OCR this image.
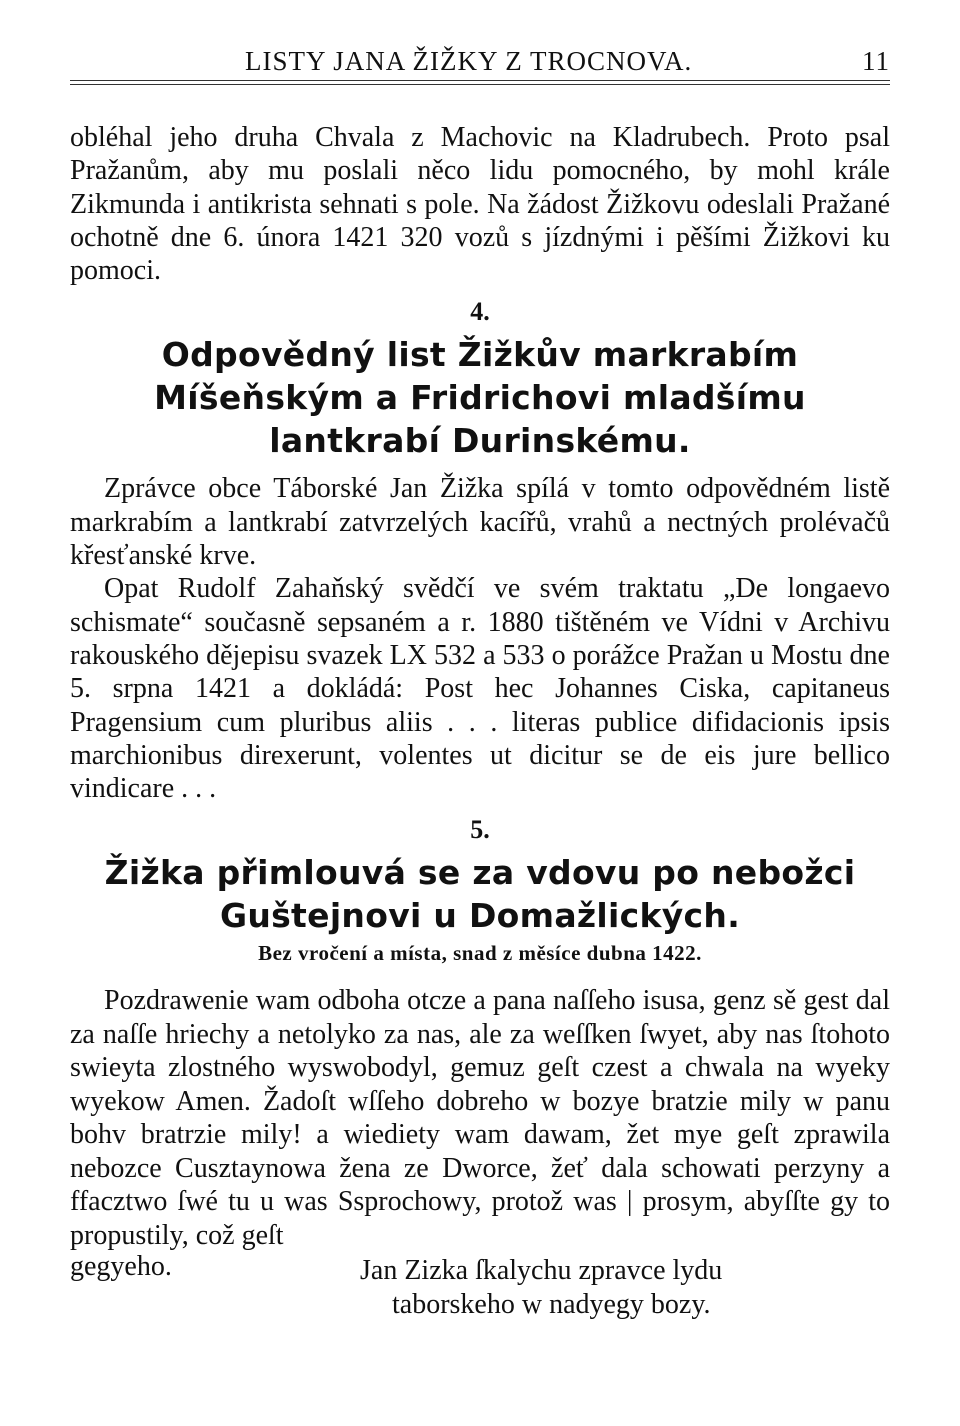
LISTY JANA ŽIŽKY Z TROCNOVA.	11

obléhal jeho druha Chvala z Machovic na Kladrubech. Proto psal Pražanům, aby mu poslali něco lidu pomocného, by mohl krále Zikmunda i antikrista sehnati s pole. Na žádost Žižkovu odeslali Pražané ochotně dne 6. února 1421 320 vozů s jízdnými i pěšími Žižkovi ku pomoci.

4.
Odpovědný list Žižkův markrabím Míšeňským a Fridrichovi mladšímu lantkrabí Durinskému.

Zprávce obce Táborské Jan Žižka spílá v tomto odpovědném listě markrabím a lantkrabí zatvrzelých kacířů, vrahů a nectných prolévačů křesťanské krve.

Opat Rudolf Zahaňský svědčí ve svém traktatu „De longaevo schismate“ současně sepsaném a r. 1880 tištěném ve Vídni v Archivu rakouského dějepisu svazek LX 532 a 533 o porážce Pražan u Mostu dne 5. srpna 1421 a dokládá: Post hec Johannes Ciska, capitaneus Pragensium cum pluribus aliis . . . literas publice difidacionis ipsis marchionibus direxerunt, volentes ut dicitur se de eis jure bellico vindicare . . .

5.
Žižka přimlouvá se za vdovu po nebožci
Guštejnovi u Domažlických.
Bez vročení a místa, snad z měsíce dubna 1422.

Pozdrawenie wam odboha otcze a pana naſſeho isusa, genz sě gest dal za naſſe hriechy a netolyko za nas, ale za weſſken ſwyet, aby nas ſtohoto swieyta zlostného wyswobodyl, gemuz geſt czest a chwala na wyeky wyekow Amen. Žadoſt wſſeho dobreho w bozye bratzie mily w panu bohv bratrzie mily! a wiediety wam dawam, žet mye geſt zprawila nebozce Cusztaynowa žena ze Dworce, žeť dala schowati perzyny a ffacztwo ſwé tu u was Ssprochowy, protož was | prosym, abyſſte gy to propustily, což geſt

gegyeho.	Jan Zizka ſkalychu zpravce lydu
taborskeho w nadyegy bozy.
